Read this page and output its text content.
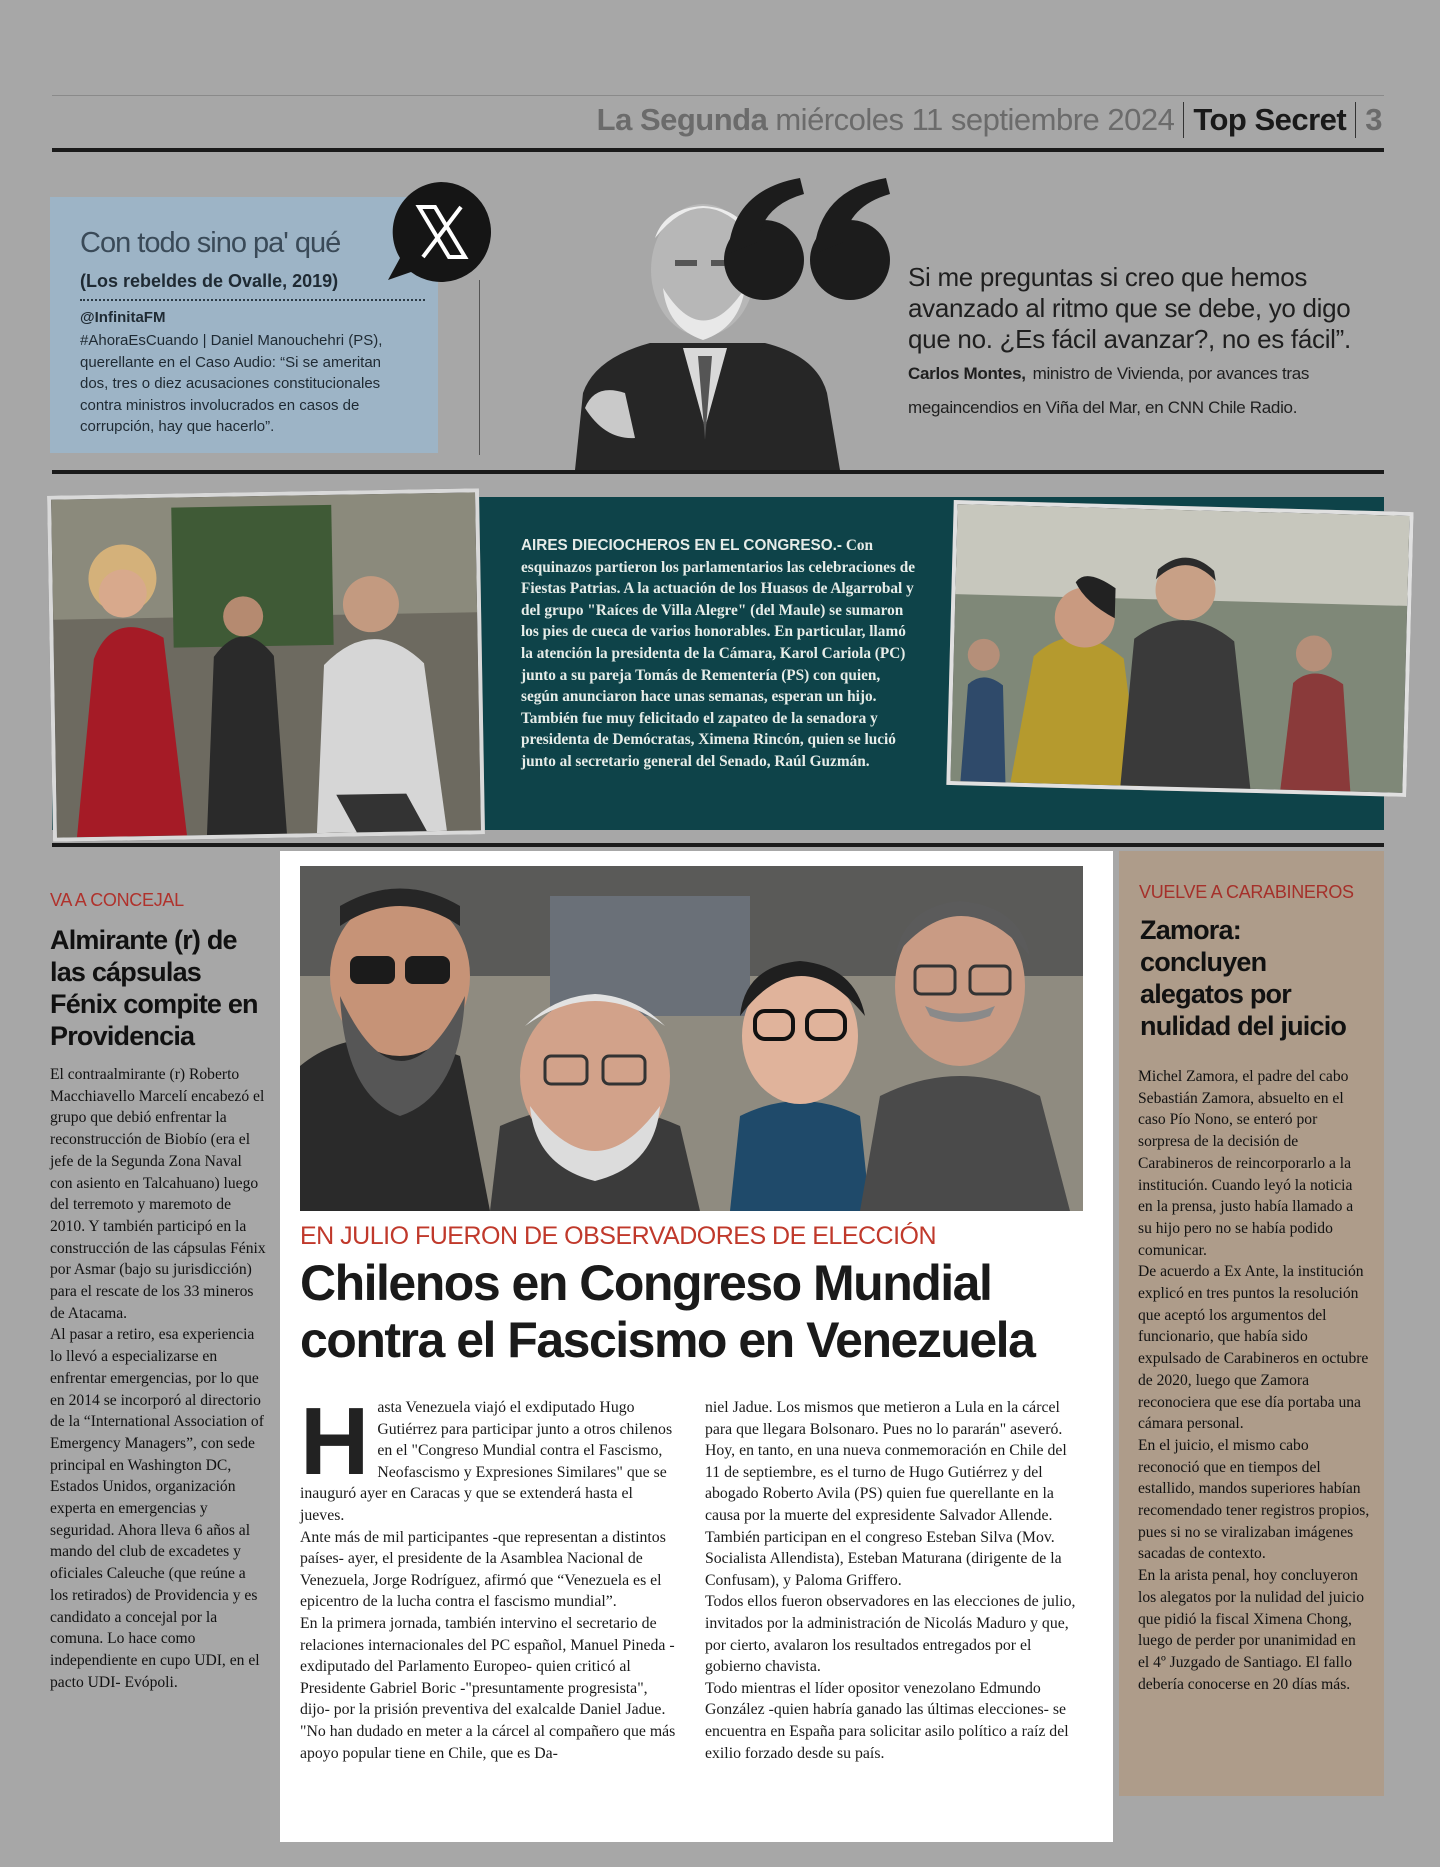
La Segunda miércoles 11 septiembre 2024 Top Secret 3
Con todo sino pa' qué
(Los rebeldes de Ovalle, 2019)
@InfinitaFM
#AhoraEsCuando | Daniel Manouchehri (PS), querellante en el Caso Audio: “Si se ameritan dos, tres o diez acusaciones constitucionales contra ministros involucrados en casos de corrupción, hay que hacerlo”.
Si me preguntas si creo que hemos avanzado al ritmo que se debe, yo digo que no. ¿Es fácil avanzar?, no es fácil”. Carlos Montes, ministro de Vivienda, por avances tras megaincendios en Viña del Mar, en CNN Chile Radio.
AIRES DIECIOCHEROS EN EL CONGRESO.- Con esquinazos partieron los parlamentarios las celebraciones de Fiestas Patrias. A la actuación de los Huasos de Algarrobal y del grupo "Raíces de Villa Alegre" (del Maule) se sumaron los pies de cueca de varios honorables. En particular, llamó la atención la presidenta de la Cámara, Karol Cariola (PC) junto a su pareja Tomás de Rementería (PS) con quien, según anunciaron hace unas semanas, esperan un hijo. También fue muy felicitado el zapateo de la senadora y presidenta de Demócratas, Ximena Rincón, quien se lució junto al secretario general del Senado, Raúl Guzmán.
VA A CONCEJAL
Almirante (r) de las cápsulas Fénix compite en Providencia

El contraalmirante (r) Roberto Macchiavello Marcelí encabezó el grupo que debió enfrentar la reconstrucción de Biobío (era el jefe de la Segunda Zona Naval con asiento en Talcahuano) luego del terremoto y maremoto de 2010. Y también participó en la construcción de las cápsulas Fénix por Asmar (bajo su jurisdicción) para el rescate de los 33 mineros de Atacama.

Al pasar a retiro, esa experiencia lo llevó a especializarse en enfrentar emergencias, por lo que en 2014 se incorporó al directorio de la “International Association of Emergency Managers”, con sede principal en Washington DC, Estados Unidos, organización experta en emergencias y seguridad. Ahora lleva 6 años al mando del club de excadetes y oficiales Caleuche (que reúne a los retirados) de Providencia y es candidato a concejal por la comuna. Lo hace como independiente en cupo UDI, en el pacto UDI- Evópoli.

EN JULIO FUERON DE OBSERVADORES DE ELECCIÓN
Chilenos en Congreso Mundial contra el Fascismo en Venezuela
H asta Venezuela viajó el exdiputado Hugo Gutiérrez para participar junto a otros chilenos en el "Congreso Mundial contra el Fascismo, Neofascismo y Expresiones Similares" que se inauguró ayer en Caracas y que se extenderá hasta el jueves.

Ante más de mil participantes -que representan a distintos países- ayer, el presidente de la Asamblea Nacional de Venezuela, Jorge Rodríguez, afirmó que “Venezuela es el epicentro de la lucha contra el fascismo mundial”.

En la primera jornada, también intervino el secretario de relaciones internacionales del PC español, Manuel Pineda -exdiputado del Parlamento Europeo- quien criticó al Presidente Gabriel Boric -"presuntamente progresista", dijo- por la prisión preventiva del exalcalde Daniel Jadue.

"No han dudado en meter a la cárcel al compañero que más apoyo popular tiene en Chile, que es Da-

niel Jadue. Los mismos que metieron a Lula en la cárcel para que llegara Bolsonaro. Pues no lo pararán" aseveró.

Hoy, en tanto, en una nueva conmemoración en Chile del 11 de septiembre, es el turno de Hugo Gutiérrez y del abogado Roberto Avila (PS) quien fue querellante en la causa por la muerte del expresidente Salvador Allende.

También participan en el congreso Esteban Silva (Mov. Socialista Allendista), Esteban Maturana (dirigente de la Confusam), y Paloma Griffero.

Todos ellos fueron observadores en las elecciones de julio, invitados por la administración de Nicolás Maduro y que, por cierto, avalaron los resultados entregados por el gobierno chavista.

Todo mientras el líder opositor venezolano Edmundo González -quien habría ganado las últimas elecciones- se encuentra en España para solicitar asilo político a raíz del exilio forzado desde su país.

VUELVE A CARABINEROS
Zamora: concluyen alegatos por nulidad del juicio

Michel Zamora, el padre del cabo Sebastián Zamora, absuelto en el caso Pío Nono, se enteró por sorpresa de la decisión de Carabineros de reincorporarlo a la institución. Cuando leyó la noticia en la prensa, justo había llamado a su hijo pero no se había podido comunicar.

De acuerdo a Ex Ante, la institución explicó en tres puntos la resolución que aceptó los argumentos del funcionario, que había sido expulsado de Carabineros en octubre de 2020, luego que Zamora reconociera que ese día portaba una cámara personal.

En el juicio, el mismo cabo reconoció que en tiempos del estallido, mandos superiores habían recomendado tener registros propios, pues si no se viralizaban imágenes sacadas de contexto.

En la arista penal, hoy concluyeron los alegatos por la nulidad del juicio que pidió la fiscal Ximena Chong, luego de perder por unanimidad en el 4º Juzgado de Santiago. El fallo debería conocerse en 20 días más.
